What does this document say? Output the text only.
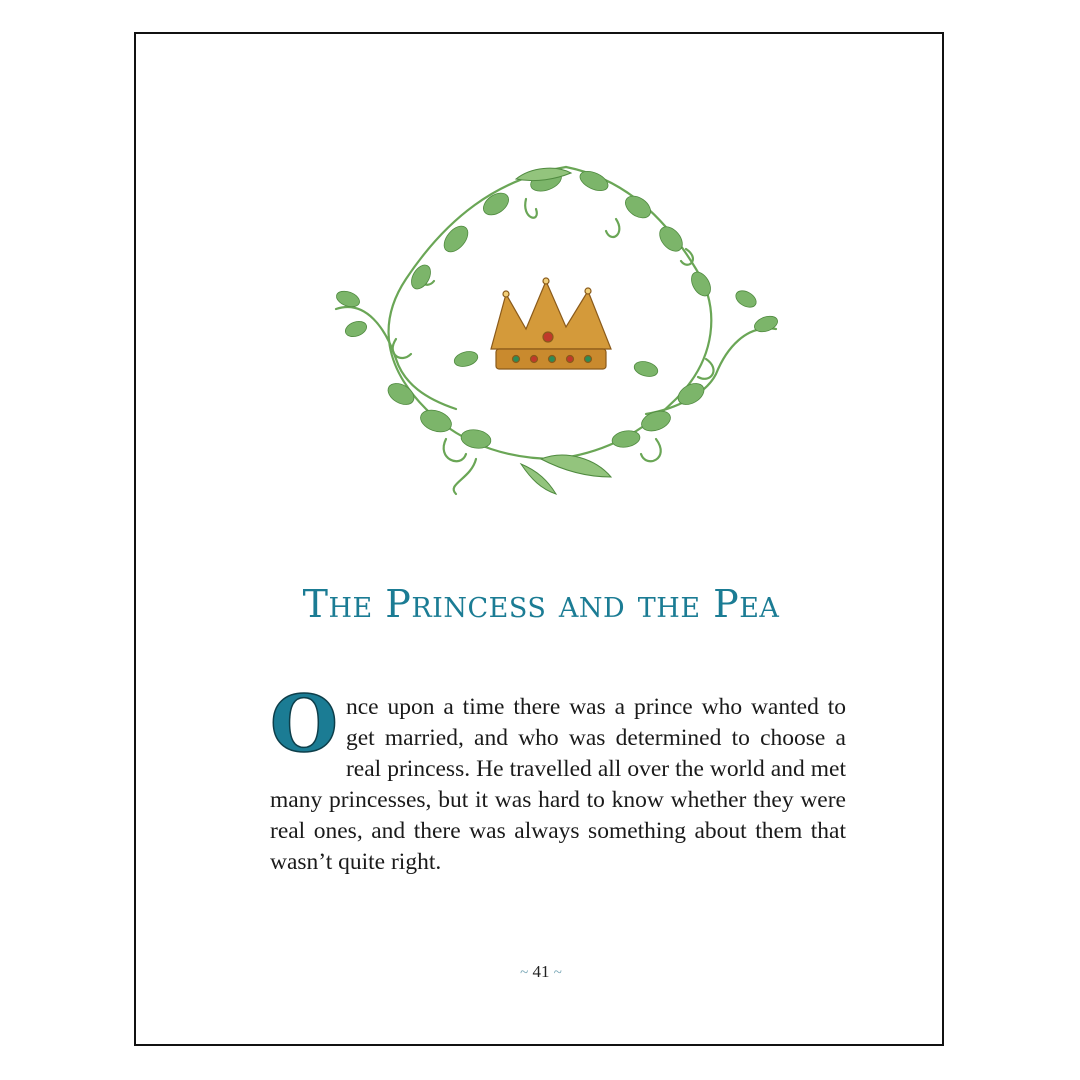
The Princess and the Pea

Once upon a time there was a prince who wanted to get married, and who was determined to choose a real princess. He travelled all over the world and met many princesses, but it was hard to know whether they were real ones, and there was always something about them that wasn’t quite right.

~ 41 ~
